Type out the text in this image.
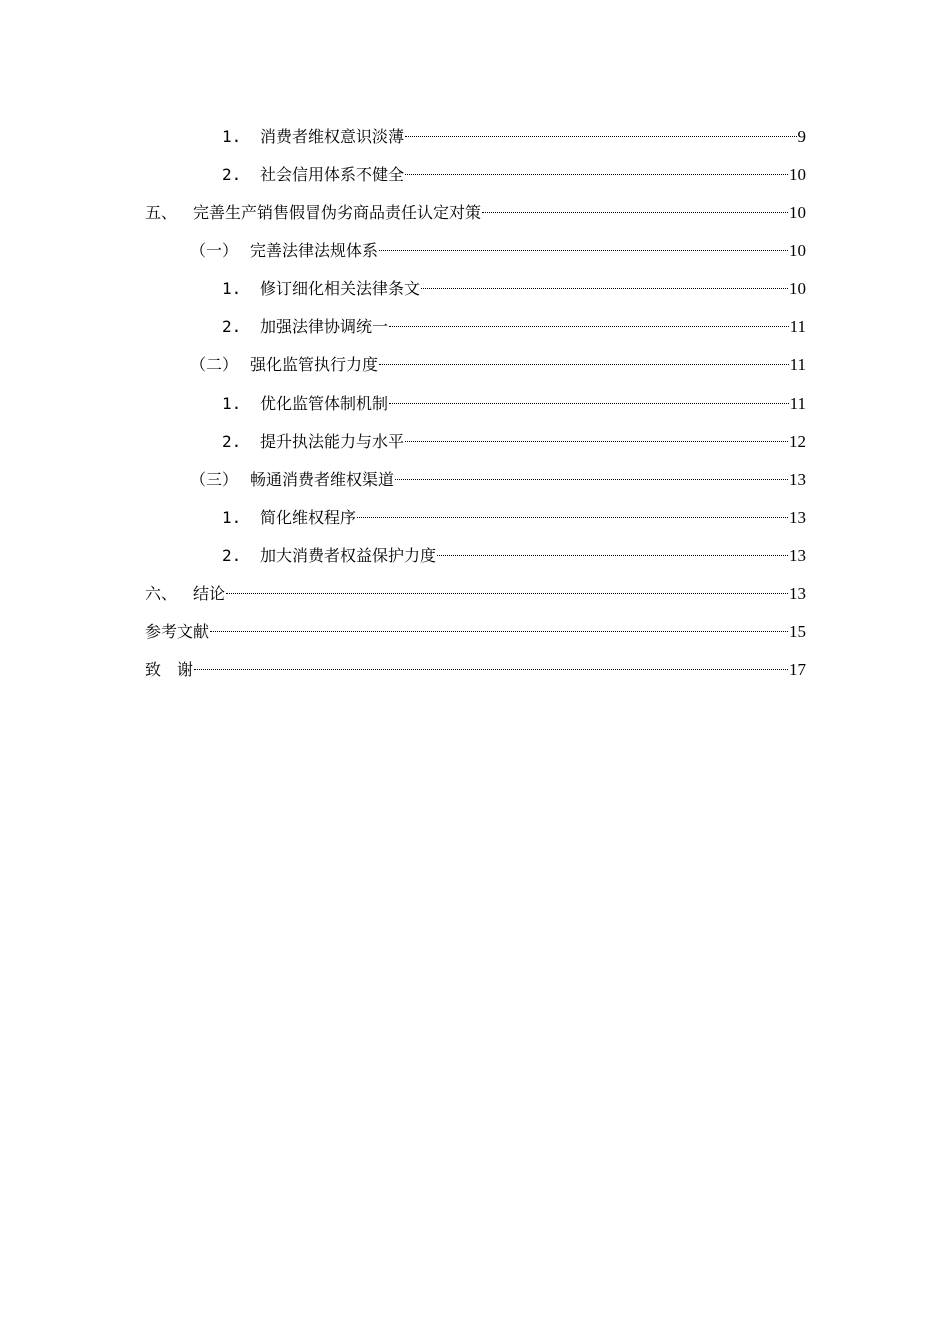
1.	消费者维权意识淡薄	9
2.	社会信用体系不健全	10
五、 完善生产销售假冒伪劣商品责任认定对策	10
（一） 完善法律法规体系	10
1.	修订细化相关法律条文	10
2.	加强法律协调统一	11
（二） 强化监管执行力度	11
1.	优化监管体制机制	11
2.	提升执法能力与水平	12
（三） 畅通消费者维权渠道	13
1.	简化维权程序	13
2.	加大消费者权益保护力度	13
六、 结论	13
参考文献	15
致　谢	17
